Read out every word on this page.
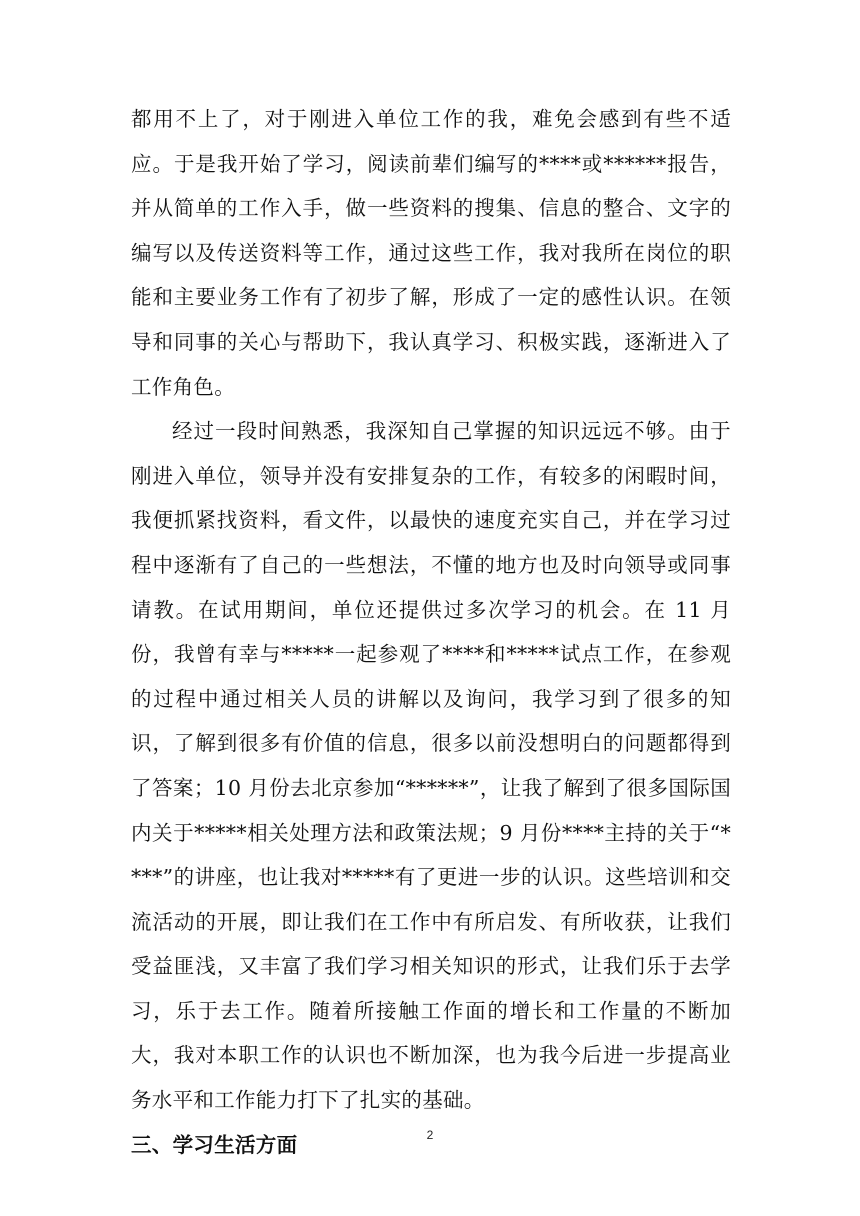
都用不上了，对于刚进入单位工作的我，难免会感到有些不适应。于是我开始了学习，阅读前辈们编写的****或******报告，并从简单的工作入手，做一些资料的搜集、信息的整合、文字的编写以及传送资料等工作，通过这些工作，我对我所在岗位的职能和主要业务工作有了初步了解，形成了一定的感性认识。在领导和同事的关心与帮助下，我认真学习、积极实践，逐渐进入了工作角色。

经过一段时间熟悉，我深知自己掌握的知识远远不够。由于刚进入单位，领导并没有安排复杂的工作，有较多的闲暇时间，我便抓紧找资料，看文件，以最快的速度充实自己，并在学习过程中逐渐有了自己的一些想法，不懂的地方也及时向领导或同事请教。在试用期间，单位还提供过多次学习的机会。在 11 月份，我曾有幸与*****一起参观了****和*****试点工作，在参观的过程中通过相关人员的讲解以及询问，我学习到了很多的知识，了解到很多有价值的信息，很多以前没想明白的问题都得到了答案；10 月份去北京参加“******”，让我了解到了很多国际国内关于*****相关处理方法和政策法规；9 月份****主持的关于“****”的讲座，也让我对*****有了更进一步的认识。这些培训和交流活动的开展，即让我们在工作中有所启发、有所收获，让我们受益匪浅，又丰富了我们学习相关知识的形式，让我们乐于去学习，乐于去工作。随着所接触工作面的增长和工作量的不断加大，我对本职工作的认识也不断加深，也为我今后进一步提高业务水平和工作能力打下了扎实的基础。

三、学习生活方面	2
